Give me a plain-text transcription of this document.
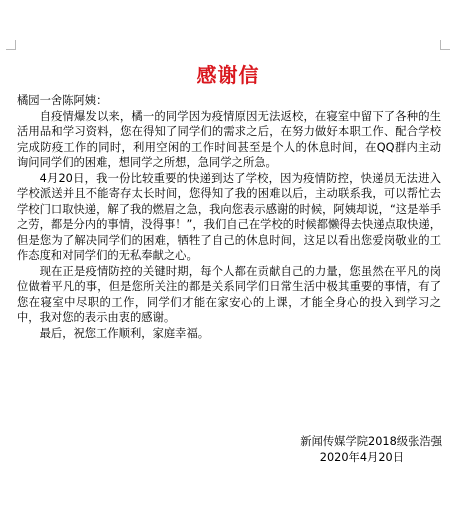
感谢信

橘园一舍陈阿姨：

自疫情爆发以来，橘一的同学因为疫情原因无法返校，在寝室中留下了各种的生活用品和学习资料，您在得知了同学们的需求之后，在努力做好本职工作、配合学校完成防疫工作的同时，利用空闲的工作时间甚至是个人的休息时间，在QQ群内主动询问同学们的困难，想同学之所想，急同学之所急。

4月20日，我一份比较重要的快递到达了学校，因为疫情防控，快递员无法进入学校派送并且不能寄存太长时间，您得知了我的困难以后，主动联系我，可以帮忙去学校门口取快递，解了我的燃眉之急，我向您表示感谢的时候，阿姨却说，“这是举手之劳，都是分内的事情，没得事！”，我们自己在学校的时候都懒得去快递点取快递，但是您为了解决同学们的困难，牺牲了自己的休息时间，这足以看出您爱岗敬业的工作态度和对同学们的无私奉献之心。

现在正是疫情防控的关键时期，每个人都在贡献自己的力量，您虽然在平凡的岗位做着平凡的事，但是您所关注的都是关系同学们日常生活中极其重要的事情，有了您在寝室中尽职的工作，同学们才能在家安心的上课，才能全身心的投入到学习之中，我对您的表示由衷的感谢。

最后，祝您工作顺利，家庭幸福。

新闻传媒学院2018级张浩强
2020年4月20日
